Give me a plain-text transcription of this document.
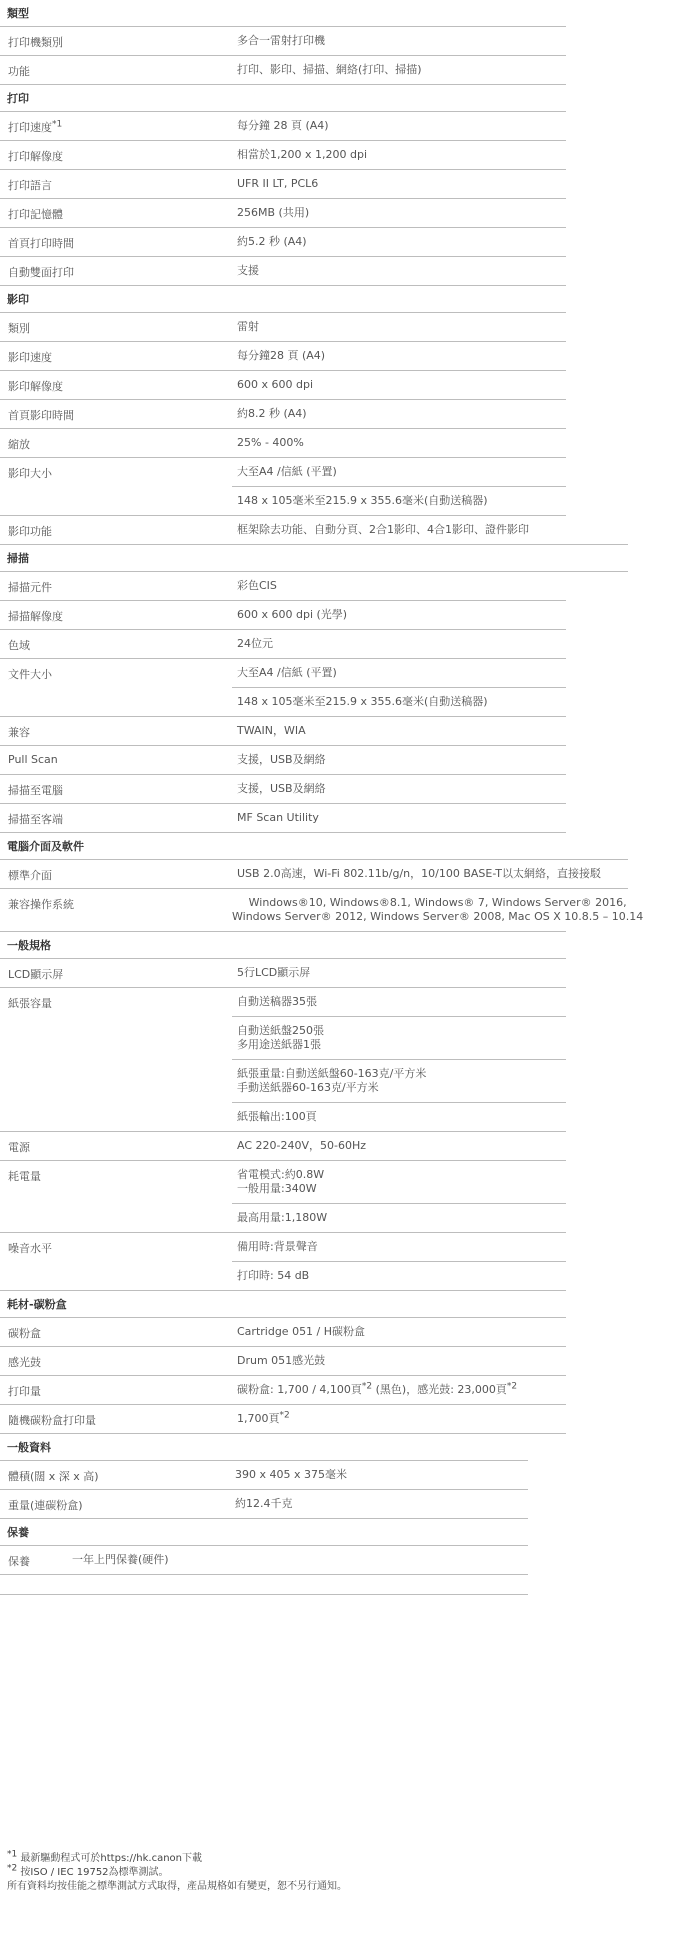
類型
打印機類別	多合一雷射打印機
功能	打印、影印、掃描、網絡(打印、掃描)
打印
打印速度$^{*1}$	每分鐘 28 頁 (A4)
打印解像度	相當於1,200 x 1,200 dpi
打印語言	UFR II LT, PCL6
打印記憶體	256MB (共用)
首頁打印時間	約5.2 秒 (A4)
自動雙面打印	支援
影印
類別	雷射
影印速度	每分鐘28 頁 (A4)
影印解像度	600 x 600 dpi
首頁影印時間	約8.2 秒 (A4)
縮放	25% - 400%
影印大小	大至A4 /信紙 (平置)
148 x 105毫米至215.9 x 355.6毫米(自動送稿器)
影印功能	框架除去功能、自動分頁、2合1影印、4合1影印、證件影印
掃描
掃描元件	彩色CIS
掃描解像度	600 x 600 dpi (光學)
色域	24位元
文件大小	大至A4 /信紙 (平置)
148 x 105毫米至215.9 x 355.6毫米(自動送稿器)
兼容	TWAIN，WIA
Pull Scan	支援，USB及網絡
掃描至電腦	支援，USB及網絡
掃描至客端	MF Scan Utility
電腦介面及軟件
標準介面	USB 2.0高速，Wi-Fi 802.11b/g/n，10/100 BASE-T以太網絡，直接接駁
兼容操作系統	Windows®10, Windows®8.1, Windows® 7, Windows Server® 2016,
Windows Server® 2012, Windows Server® 2008, Mac OS X 10.8.5 – 10.14
一般規格
LCD顯示屏	5行LCD顯示屏
紙張容量	自動送稿器35張
自動送紙盤250張
多用途送紙器1張
紙張重量:自動送紙盤60-163克/平方米
手動送紙器60-163克/平方米
紙張輸出:100頁
電源	AC 220-240V，50-60Hz
耗電量	省電模式:約0.8W
一般用量:340W
最高用量:1,180W
噪音水平	備用時:背景聲音
打印時: 54 dB
耗材-碳粉盒
碳粉盒	Cartridge 051 / H碳粉盒
感光鼓	Drum 051感光鼓
打印量	碳粉盒: 1,700 / 4,100頁$^{*2}$ (黑色)，感光鼓: 23,000頁$^{*2}$
隨機碳粉盒打印量	1,700頁$^{*2}$
一般資料
體積(闊 x 深 x 高)	390 x 405 x 375毫米
重量(連碳粉盒)	約12.4千克
保養
保養	一年上門保養(硬件)
$^{*1}$ 最新驅動程式可於https://hk.canon下載
$^{*2}$ 按ISO / IEC 19752為標準測試。
所有資料均按佳能之標準測試方式取得，產品規格如有變更，恕不另行通知。
